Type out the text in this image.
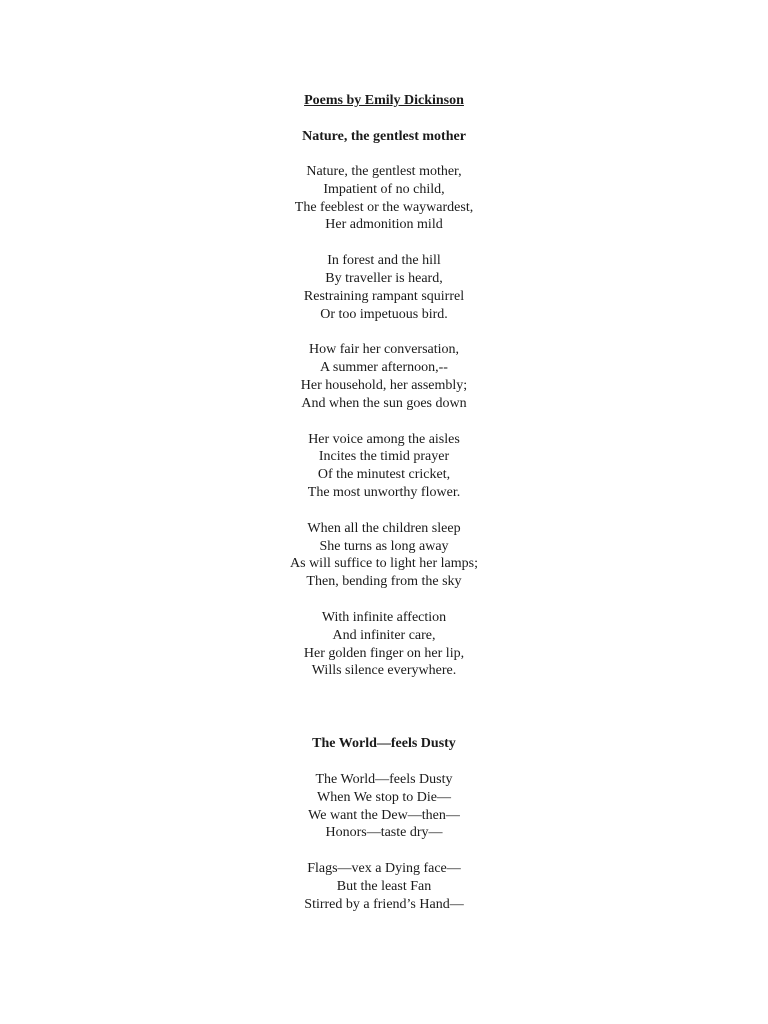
Poems by Emily Dickinson
Nature, the gentlest mother
Nature, the gentlest mother,
Impatient of no child,
The feeblest or the waywardest,
Her admonition mild
In forest and the hill
By traveller is heard,
Restraining rampant squirrel
Or too impetuous bird.
How fair her conversation,
A summer afternoon,--
Her household, her assembly;
And when the sun goes down
Her voice among the aisles
Incites the timid prayer
Of the minutest cricket,
The most unworthy flower.
When all the children sleep
She turns as long away
As will suffice to light her lamps;
Then, bending from the sky
With infinite affection
And infiniter care,
Her golden finger on her lip,
Wills silence everywhere.
The World—feels Dusty
The World—feels Dusty
When We stop to Die—
We want the Dew—then—
Honors—taste dry—
Flags—vex a Dying face—
But the least Fan
Stirred by a friend’s Hand—
